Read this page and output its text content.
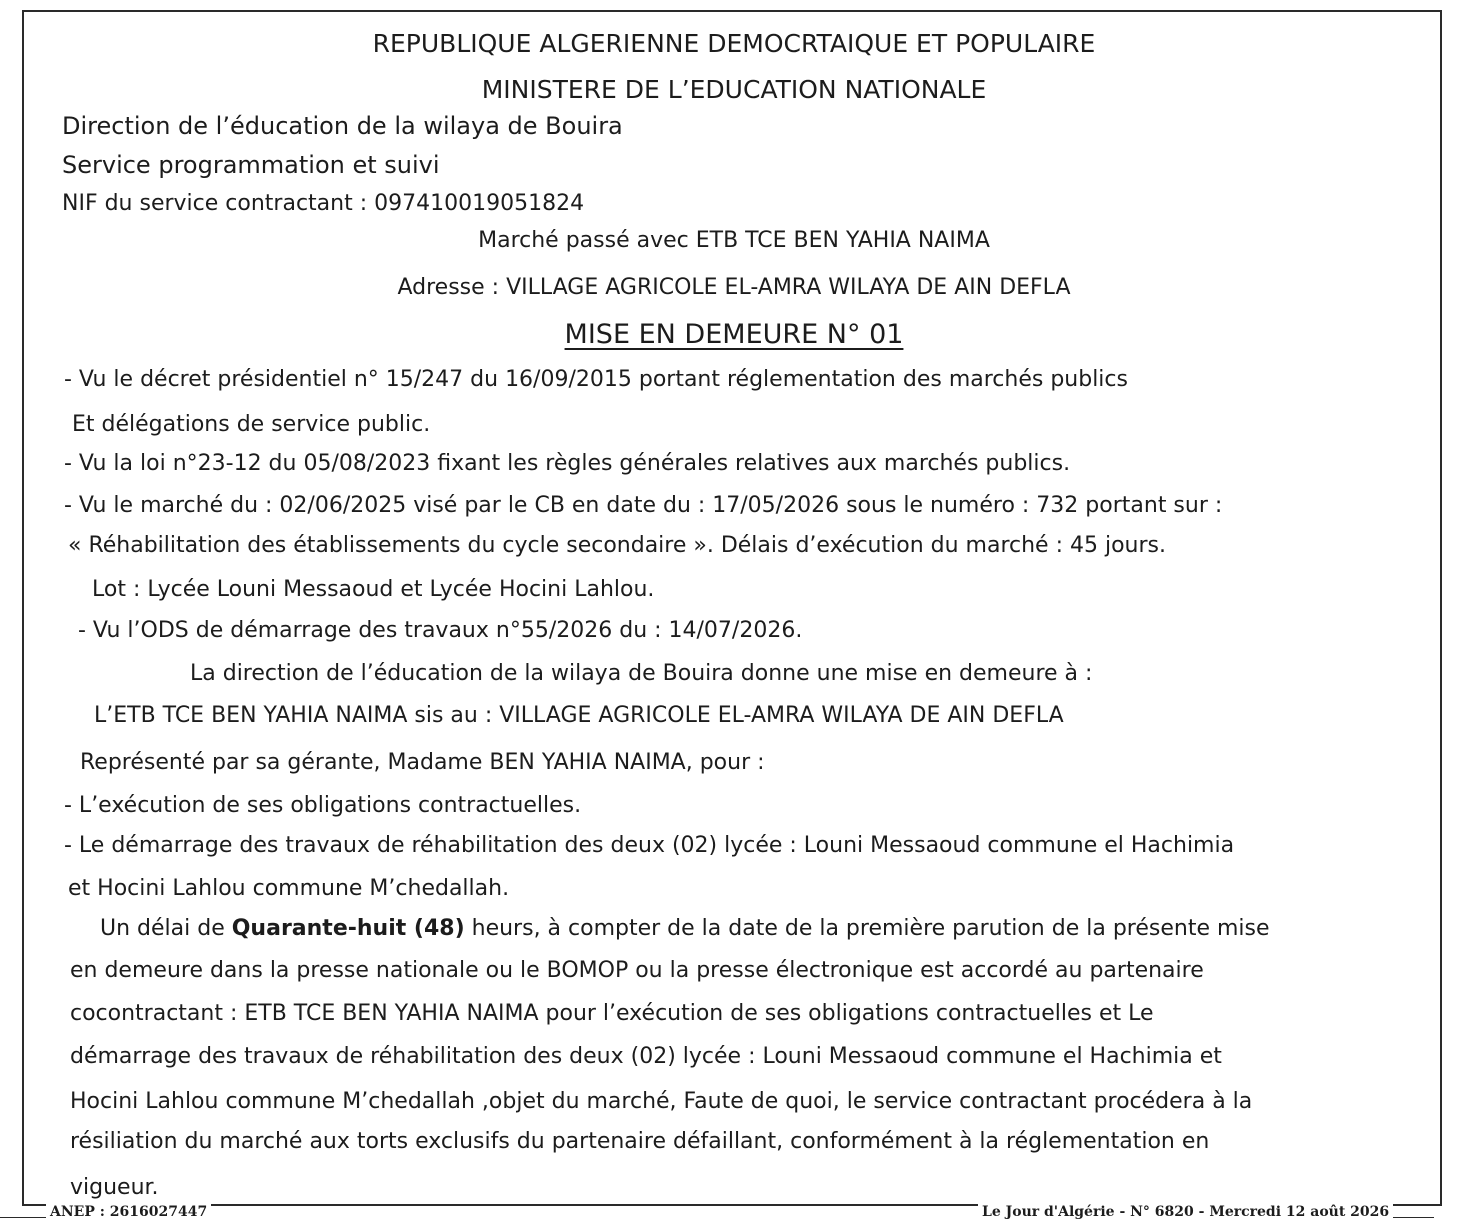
REPUBLIQUE ALGERIENNE DEMOCRTAIQUE ET POPULAIRE
MINISTERE DE L’EDUCATION NATIONALE
Direction de l’éducation de la wilaya de Bouira
Service programmation et suivi
NIF du service contractant : 097410019051824
Marché passé avec ETB TCE BEN YAHIA NAIMA
Adresse : VILLAGE AGRICOLE EL-AMRA WILAYA DE AIN DEFLA
MISE EN DEMEURE N° 01
- Vu le décret présidentiel n° 15/247 du 16/09/2015 portant réglementation des marchés publics
Et délégations de service public.
- Vu la loi n°23-12 du 05/08/2023 fixant les règles générales relatives aux marchés publics.
- Vu le marché du : 02/06/2025 visé par le CB en date du : 17/05/2026 sous le numéro : 732 portant sur :
« Réhabilitation des établissements du cycle secondaire ». Délais d’exécution du marché : 45 jours.
Lot : Lycée Louni Messaoud et Lycée Hocini Lahlou.
- Vu l’ODS de démarrage des travaux n°55/2026 du : 14/07/2026.
La direction de l’éducation de la wilaya de Bouira donne une mise en demeure à :
L’ETB TCE BEN YAHIA NAIMA sis au : VILLAGE AGRICOLE EL-AMRA WILAYA DE AIN DEFLA
Représenté par sa gérante, Madame BEN YAHIA NAIMA, pour :
- L’exécution de ses obligations contractuelles.
- Le démarrage des travaux de réhabilitation des deux (02) lycée : Louni Messaoud commune el Hachimia
et Hocini Lahlou commune M’chedallah.
Un délai de Quarante-huit (48) heurs, à compter de la date de la première parution de la présente mise
en demeure dans la presse nationale ou le BOMOP ou la presse électronique est accordé au partenaire
cocontractant : ETB TCE BEN YAHIA NAIMA pour l’exécution de ses obligations contractuelles et Le
démarrage des travaux de réhabilitation des deux (02) lycée : Louni Messaoud commune el Hachimia et
Hocini Lahlou commune M’chedallah ,objet du marché, Faute de quoi, le service contractant procédera à la
résiliation du marché aux torts exclusifs du partenaire défaillant, conformément à la réglementation en
vigueur.
ANEP : 2616027447	Le Jour d'Algérie - N° 6820 - Mercredi 12 août 2026
